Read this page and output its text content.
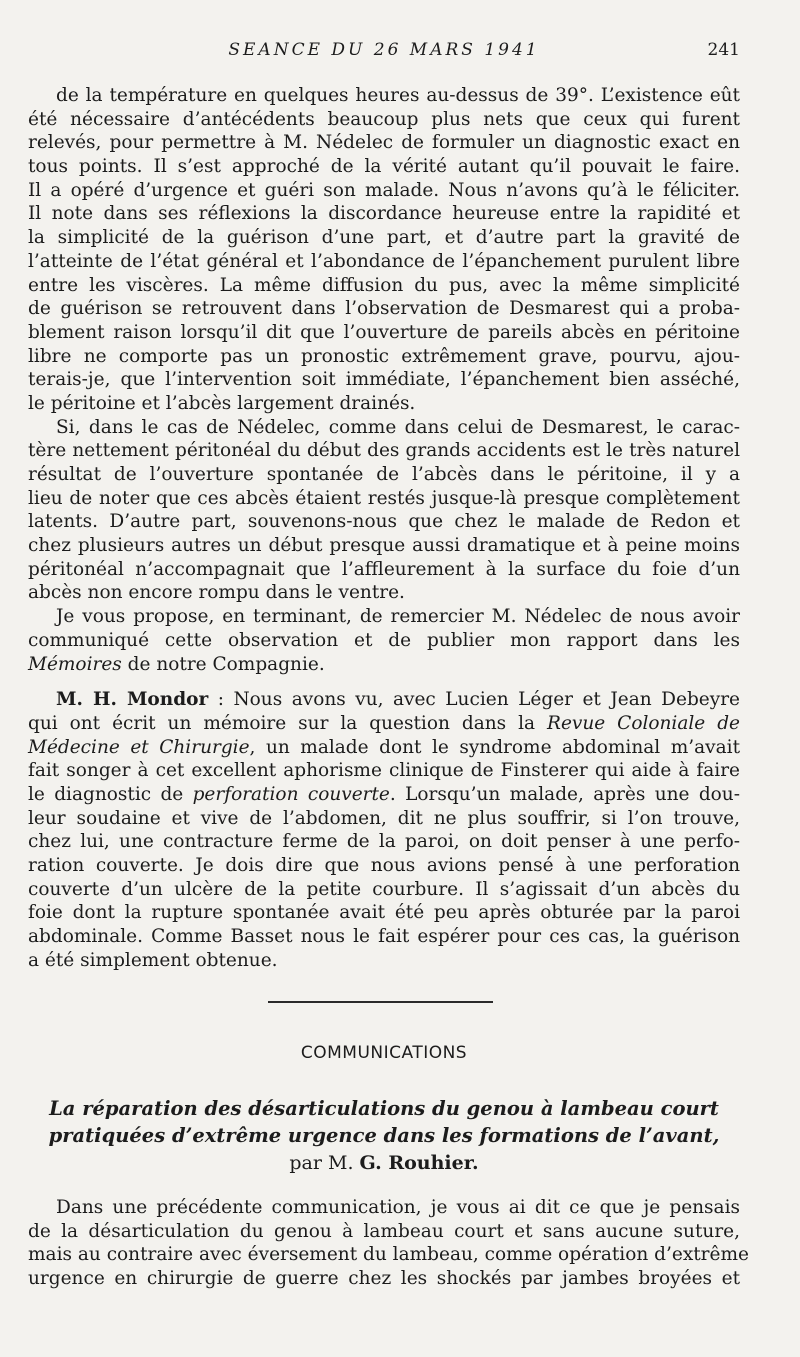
SEANCE DU 26 MARS 1941	241
de la température en quelques heures au-dessus de 39°. L’existence eût
été nécessaire d’antécédents beaucoup plus nets que ceux qui furent
relevés, pour permettre à M. Nédelec de formuler un diagnostic exact en
tous points. Il s’est approché de la vérité autant qu’il pouvait le faire.
Il a opéré d’urgence et guéri son malade. Nous n’avons qu’à le féliciter.
Il note dans ses réflexions la discordance heureuse entre la rapidité et
la simplicité de la guérison d’une part, et d’autre part la gravité de
l’atteinte de l’état général et l’abondance de l’épanchement purulent libre
entre les viscères. La même diffusion du pus, avec la même simplicité
de guérison se retrouvent dans l’observation de Desmarest qui a proba-
blement raison lorsqu’il dit que l’ouverture de pareils abcès en péritoine
libre ne comporte pas un pronostic extrêmement grave, pourvu, ajou-
terais-je, que l’intervention soit immédiate, l’épanchement bien asséché,
le péritoine et l’abcès largement drainés.
Si, dans le cas de Nédelec, comme dans celui de Desmarest, le carac-
tère nettement péritonéal du début des grands accidents est le très naturel
résultat de l’ouverture spontanée de l’abcès dans le péritoine, il y a
lieu de noter que ces abcès étaient restés jusque-là presque complètement
latents. D’autre part, souvenons-nous que chez le malade de Redon et
chez plusieurs autres un début presque aussi dramatique et à peine moins
péritonéal n’accompagnait que l’affleurement à la surface du foie d’un
abcès non encore rompu dans le ventre.
Je vous propose, en terminant, de remercier M. Nédelec de nous avoir
communiqué cette observation et de publier mon rapport dans les
Mémoires de notre Compagnie.
M. H. Mondor : Nous avons vu, avec Lucien Léger et Jean Debeyre
qui ont écrit un mémoire sur la question dans la Revue Coloniale de
Médecine et Chirurgie, un malade dont le syndrome abdominal m’avait
fait songer à cet excellent aphorisme clinique de Finsterer qui aide à faire
le diagnostic de perforation couverte. Lorsqu’un malade, après une dou-
leur soudaine et vive de l’abdomen, dit ne plus souffrir, si l’on trouve,
chez lui, une contracture ferme de la paroi, on doit penser à une perfo-
ration couverte. Je dois dire que nous avions pensé à une perforation
couverte d’un ulcère de la petite courbure. Il s’agissait d’un abcès du
foie dont la rupture spontanée avait été peu après obturée par la paroi
abdominale. Comme Basset nous le fait espérer pour ces cas, la guérison
a été simplement obtenue.
COMMUNICATIONS
La réparation des désarticulations du genou à lambeau court
pratiquées d’extrême urgence dans les formations de l’avant,
par M. G. Rouhier.
Dans une précédente communication, je vous ai dit ce que je pensais
de la désarticulation du genou à lambeau court et sans aucune suture,
mais au contraire avec éversement du lambeau, comme opération d’extrême
urgence en chirurgie de guerre chez les shockés par jambes broyées et
